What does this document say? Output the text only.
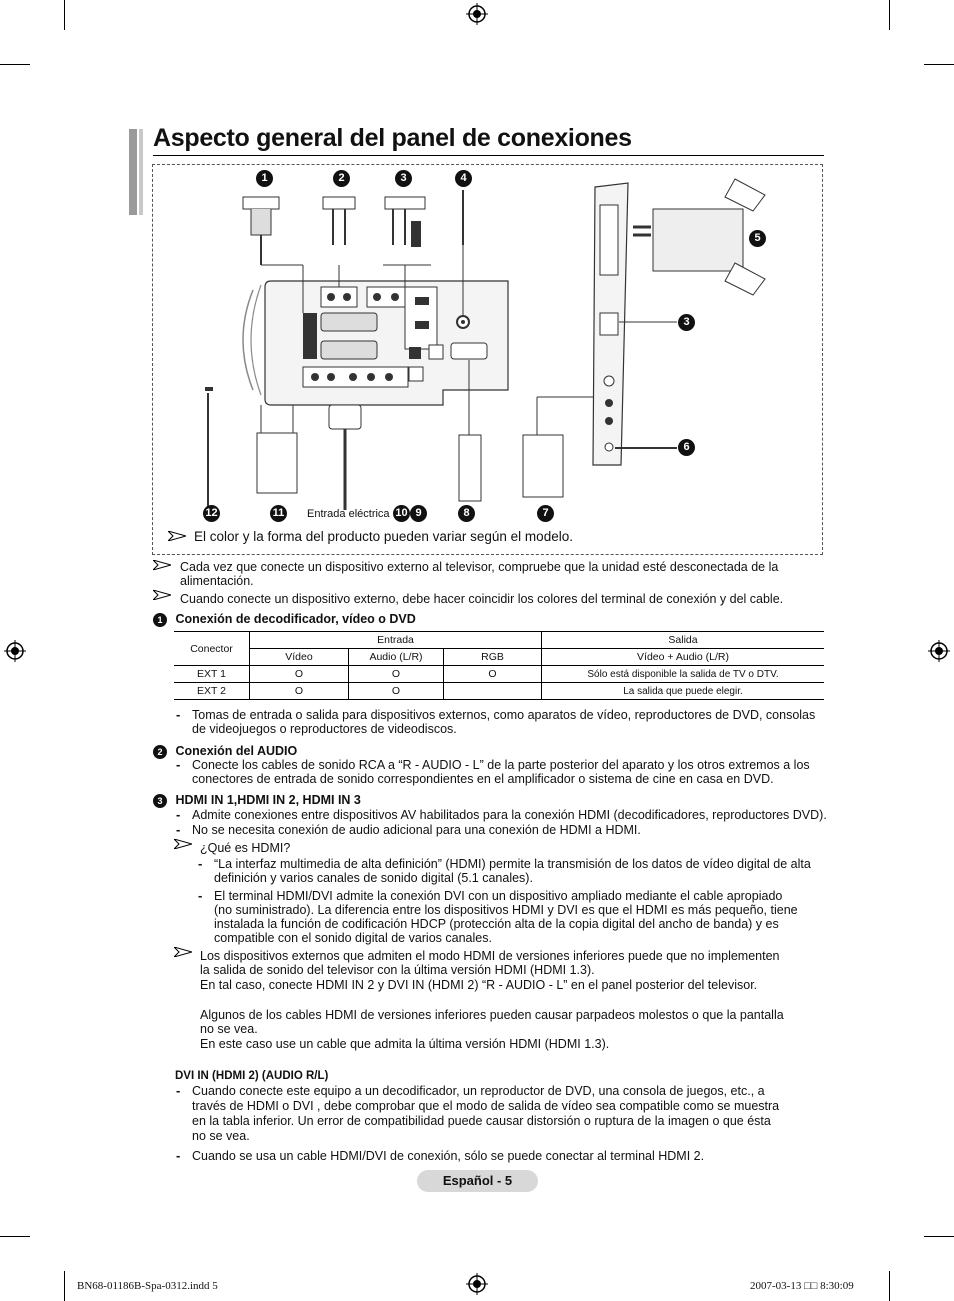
Aspecto general del panel de conexiones
1	2	3	4
5
3
6
7
8
9
10
11
12	Entrada eléctrica
El color y la forma del producto pueden variar según el modelo.
Cada vez que conecte un dispositivo externo al televisor, compruebe que la unidad esté desconectada de la
alimentación.
Cuando conecte un dispositivo externo, debe hacer coincidir los colores del terminal de conexión y del cable.
1 Conexión de decodificador, vídeo o DVD
Conector	Entrada			Salida
	Vídeo	Audio (L/R)	RGB	Vídeo + Audio (L/R)
EXT 1	O	O	O	Sólo está disponible la salida de TV o DTV.
EXT 2	O	O		La salida que puede elegir.
- Tomas de entrada o salida para dispositivos externos, como aparatos de vídeo, reproductores de DVD, consolas
de videojuegos o reproductores de videodiscos.
2 Conexión del AUDIO
- Conecte los cables de sonido RCA a “R - AUDIO - L” de la parte posterior del aparato y los otros extremos a los
conectores de entrada de sonido correspondientes en el amplificador o sistema de cine en casa en DVD.
3 HDMI IN 1,HDMI IN 2, HDMI IN 3
- Admite conexiones entre dispositivos AV habilitados para la conexión HDMI (decodificadores, reproductores DVD).
- No se necesita conexión de audio adicional para una conexión de HDMI a HDMI.
¿Qué es HDMI?
- “La interfaz multimedia de alta definición” (HDMI) permite la transmisión de los datos de vídeo digital de alta
definición y varios canales de sonido digital (5.1 canales).
- El terminal HDMI/DVI admite la conexión DVI con un dispositivo ampliado mediante el cable apropiado
(no suministrado). La diferencia entre los dispositivos HDMI y DVI es que el HDMI es más pequeño, tiene
instalada la función de codificación HDCP (protección alta de la copia digital del ancho de banda) y es
compatible con el sonido digital de varios canales.
Los dispositivos externos que admiten el modo HDMI de versiones inferiores puede que no implementen
la salida de sonido del televisor con la última versión HDMI (HDMI 1.3).
En tal caso, conecte HDMI IN 2 y DVI IN (HDMI 2) “R - AUDIO - L” en el panel posterior del televisor.
Algunos de los cables HDMI de versiones inferiores pueden causar parpadeos molestos o que la pantalla
no se vea.
En este caso use un cable que admita la última versión HDMI (HDMI 1.3).
DVI IN (HDMI 2) (AUDIO R/L)
- Cuando conecte este equipo a un decodificador, un reproductor de DVD, una consola de juegos, etc., a
través de HDMI o DVI , debe comprobar que el modo de salida de vídeo sea compatible como se muestra
en la tabla inferior. Un error de compatibilidad puede causar distorsión o ruptura de la imagen o que ésta
no se vea.
- Cuando se usa un cable HDMI/DVI de conexión, sólo se puede conectar al terminal HDMI 2.
Español - 5
BN68-01186B-Spa-0312.indd 5	2007-03-13 □□ 8:30:09
